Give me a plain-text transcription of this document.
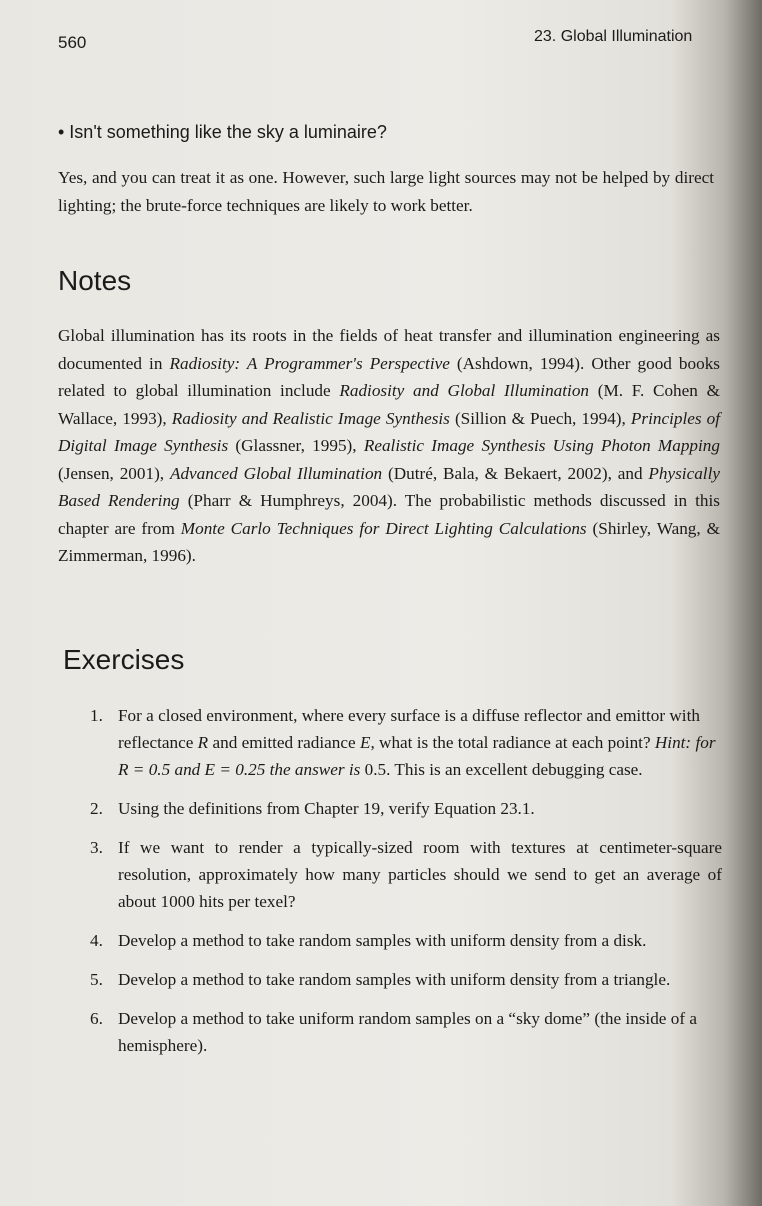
560	23. Global Illumination
• Isn't something like the sky a luminaire?
Yes, and you can treat it as one. However, such large light sources may not be helped by direct lighting; the brute-force techniques are likely to work better.
Notes
Global illumination has its roots in the fields of heat transfer and illumination engineering as documented in Radiosity: A Programmer's Perspective (Ashdown, 1994). Other good books related to global illumination include Radiosity and Global Illumination (M. F. Cohen & Wallace, 1993), Radiosity and Realistic Image Synthesis (Sillion & Puech, 1994), Principles of Digital Image Synthesis (Glassner, 1995), Realistic Image Synthesis Using Photon Mapping (Jensen, 2001), Advanced Global Illumination (Dutré, Bala, & Bekaert, 2002), and Physically Based Rendering (Pharr & Humphreys, 2004). The probabilistic methods discussed in this chapter are from Monte Carlo Techniques for Direct Lighting Calculations (Shirley, Wang, & Zimmerman, 1996).
Exercises
1. For a closed environment, where every surface is a diffuse reflector and emittor with reflectance R and emitted radiance E, what is the total radiance at each point? Hint: for R = 0.5 and E = 0.25 the answer is 0.5. This is an excellent debugging case.
2. Using the definitions from Chapter 19, verify Equation 23.1.
3. If we want to render a typically-sized room with textures at centimeter-square resolution, approximately how many particles should we send to get an average of about 1000 hits per texel?
4. Develop a method to take random samples with uniform density from a disk.
5. Develop a method to take random samples with uniform density from a triangle.
6. Develop a method to take uniform random samples on a “sky dome” (the inside of a hemisphere).
